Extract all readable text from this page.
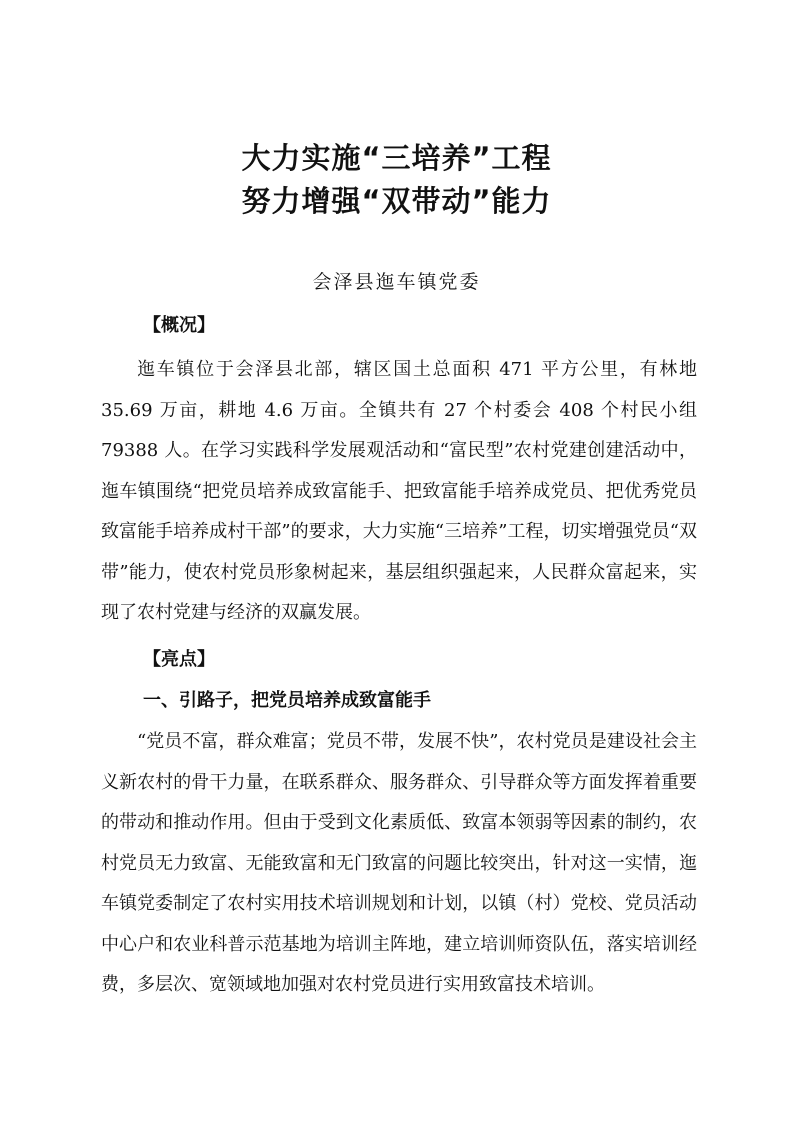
大力实施“三培养”工程
努力增强“双带动”能力
会泽县迤车镇党委
【概况】

迤车镇位于会泽县北部，辖区国土总面积 471 平方公里，有林地 35.69 万亩，耕地 4.6 万亩。全镇共有 27 个村委会 408 个村民小组 79388 人。在学习实践科学发展观活动和“富民型”农村党建创建活动中，迤车镇围绕“把党员培养成致富能手、把致富能手培养成党员、把优秀党员致富能手培养成村干部”的要求，大力实施“三培养”工程，切实增强党员“双带”能力，使农村党员形象树起来，基层组织强起来，人民群众富起来，实现了农村党建与经济的双赢发展。

【亮点】
一、引路子，把党员培养成致富能手

“党员不富，群众难富；党员不带，发展不快”，农村党员是建设社会主义新农村的骨干力量，在联系群众、服务群众、引导群众等方面发挥着重要的带动和推动作用。但由于受到文化素质低、致富本领弱等因素的制约，农村党员无力致富、无能致富和无门致富的问题比较突出，针对这一实情，迤车镇党委制定了农村实用技术培训规划和计划，以镇（村）党校、党员活动中心户和农业科普示范基地为培训主阵地，建立培训师资队伍，落实培训经费，多层次、宽领域地加强对农村党员进行实用致富技术培训。
